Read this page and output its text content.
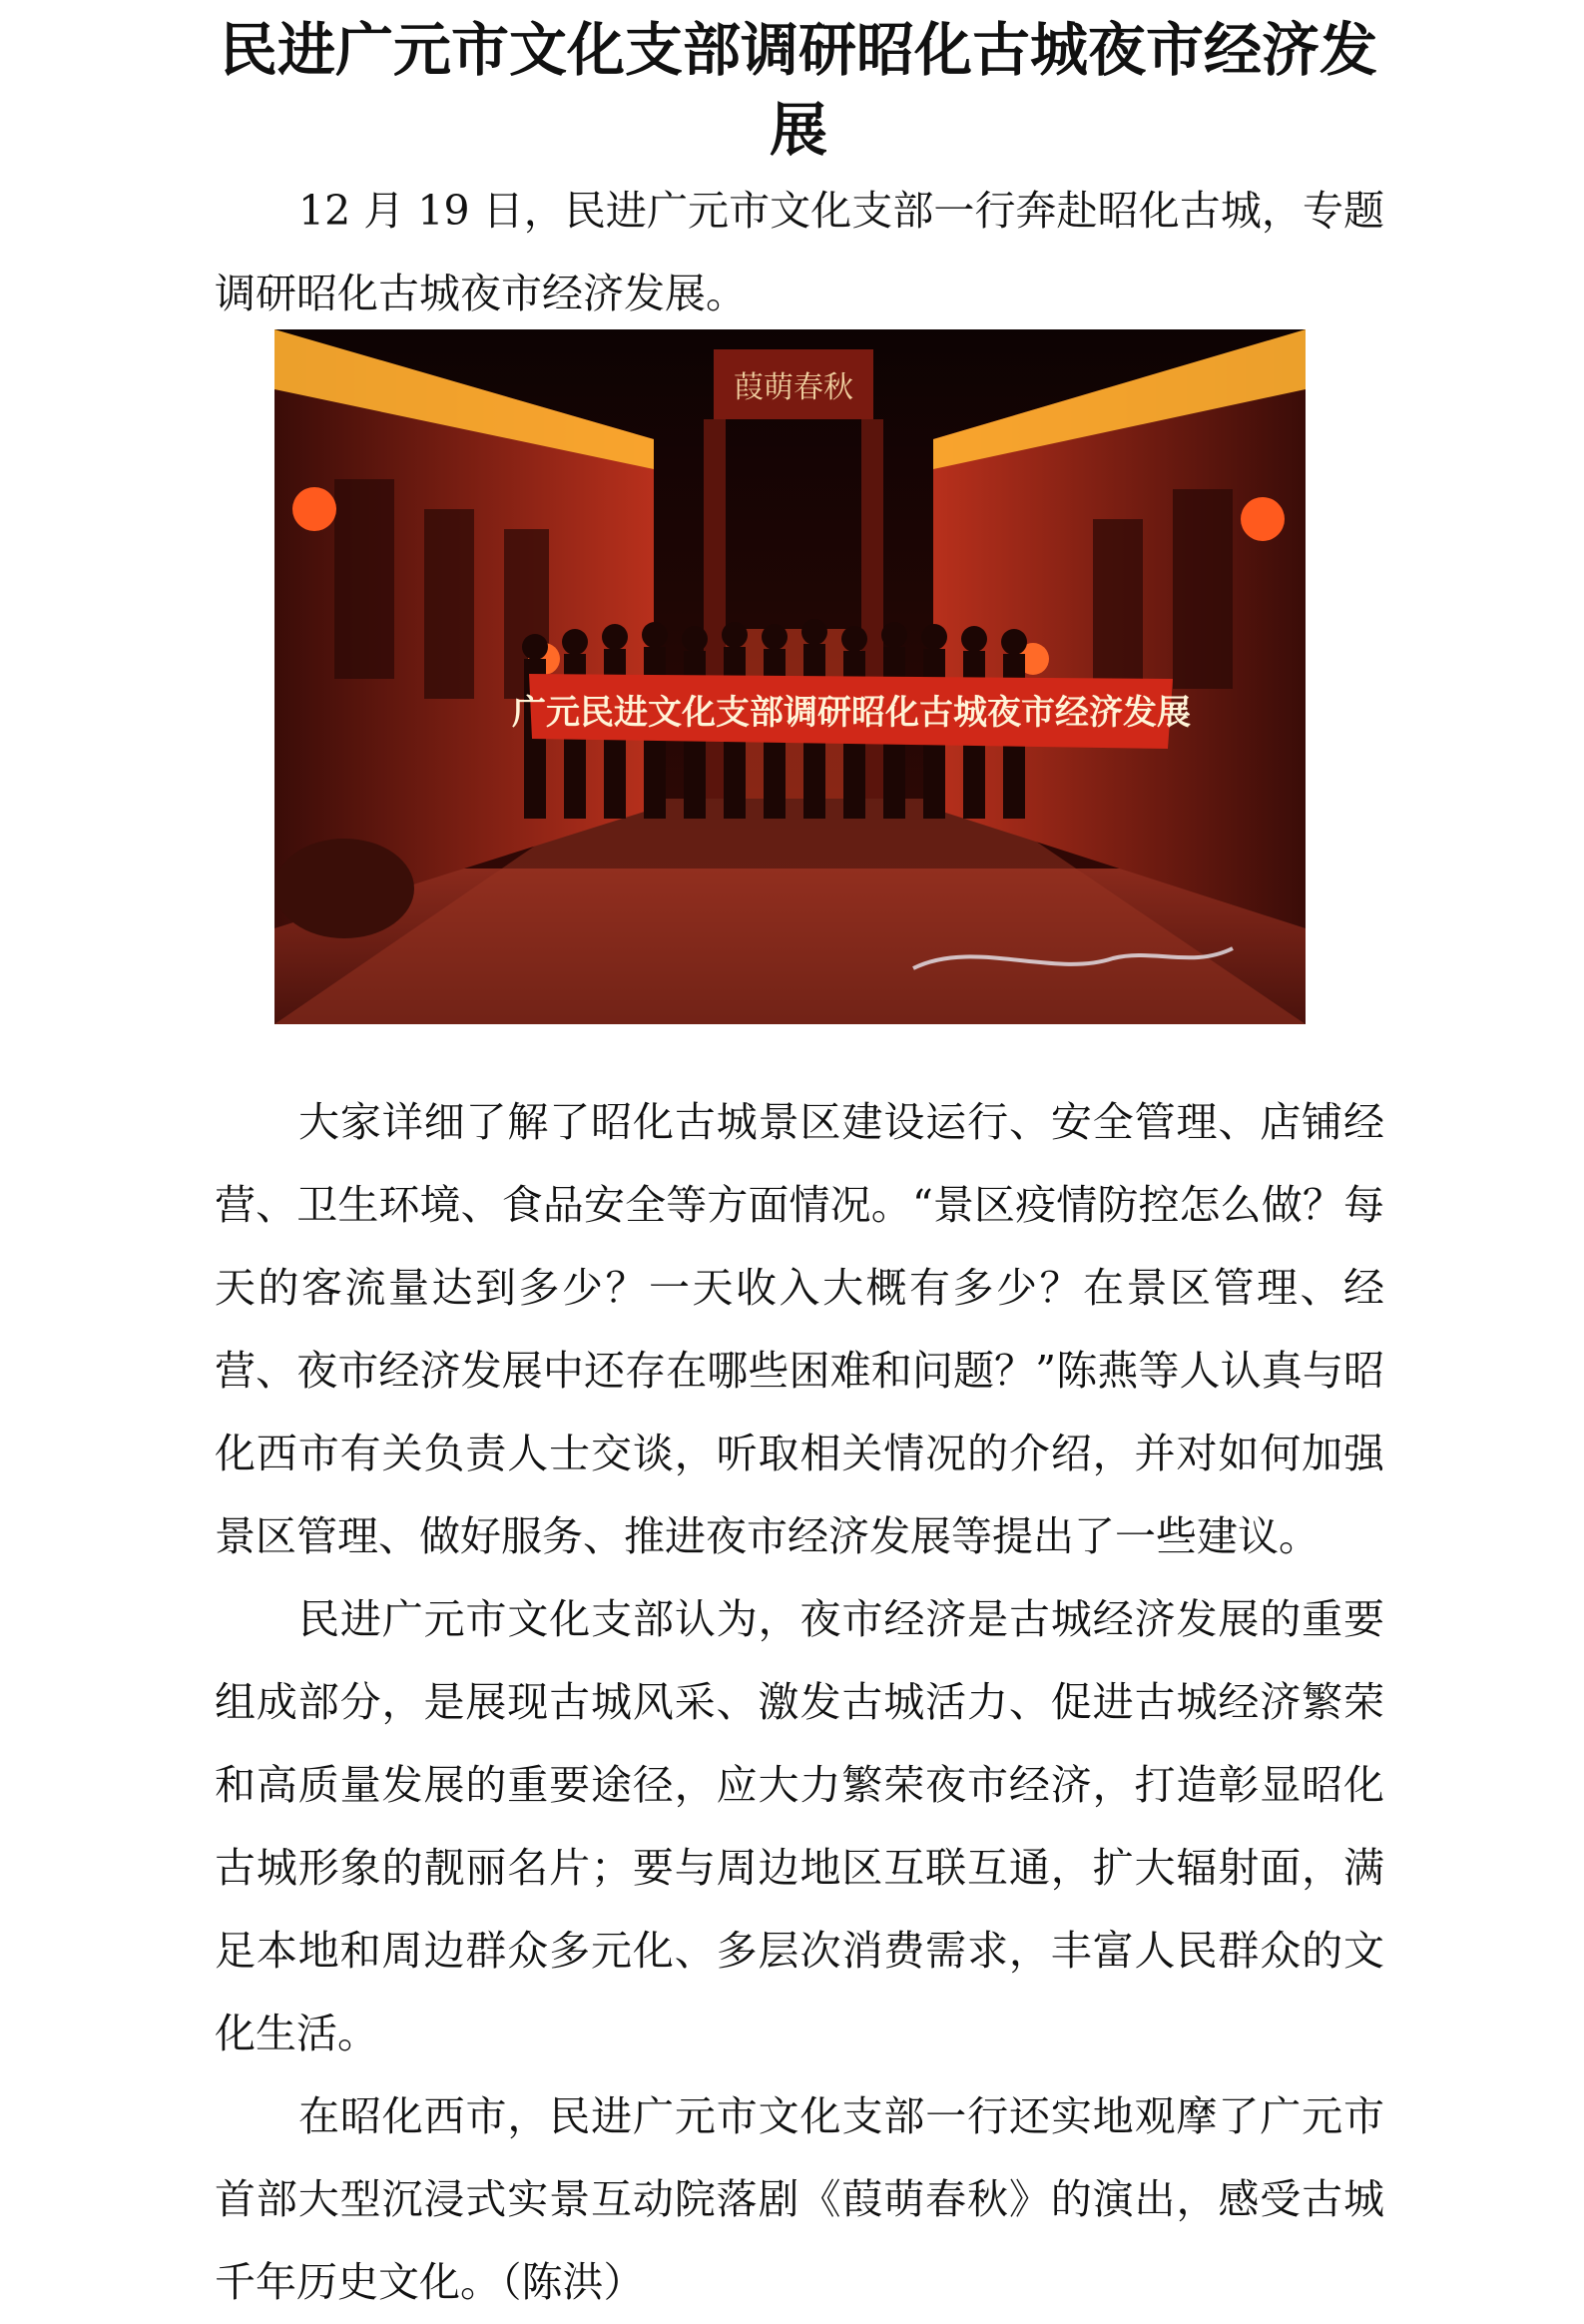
民进广元市文化支部调研昭化古城夜市经济发展

12 月 19 日，民进广元市文化支部一行奔赴昭化古城，专题调研昭化古城夜市经济发展。

葭萌春秋
广元民进文化支部调研昭化古城夜市经济发展

大家详细了解了昭化古城景区建设运行、安全管理、店铺经营、卫生环境、食品安全等方面情况。“景区疫情防控怎么做？每天的客流量达到多少？一天收入大概有多少？在景区管理、经营、夜市经济发展中还存在哪些困难和问题？”陈燕等人认真与昭化西市有关负责人士交谈，听取相关情况的介绍，并对如何加强景区管理、做好服务、推进夜市经济发展等提出了一些建议。

民进广元市文化支部认为，夜市经济是古城经济发展的重要组成部分，是展现古城风采、激发古城活力、促进古城经济繁荣和高质量发展的重要途径，应大力繁荣夜市经济，打造彰显昭化古城形象的靓丽名片；要与周边地区互联互通，扩大辐射面，满足本地和周边群众多元化、多层次消费需求，丰富人民群众的文化生活。

在昭化西市，民进广元市文化支部一行还实地观摩了广元市首部大型沉浸式实景互动院落剧《葭萌春秋》的演出，感受古城千年历史文化。（陈洪）
